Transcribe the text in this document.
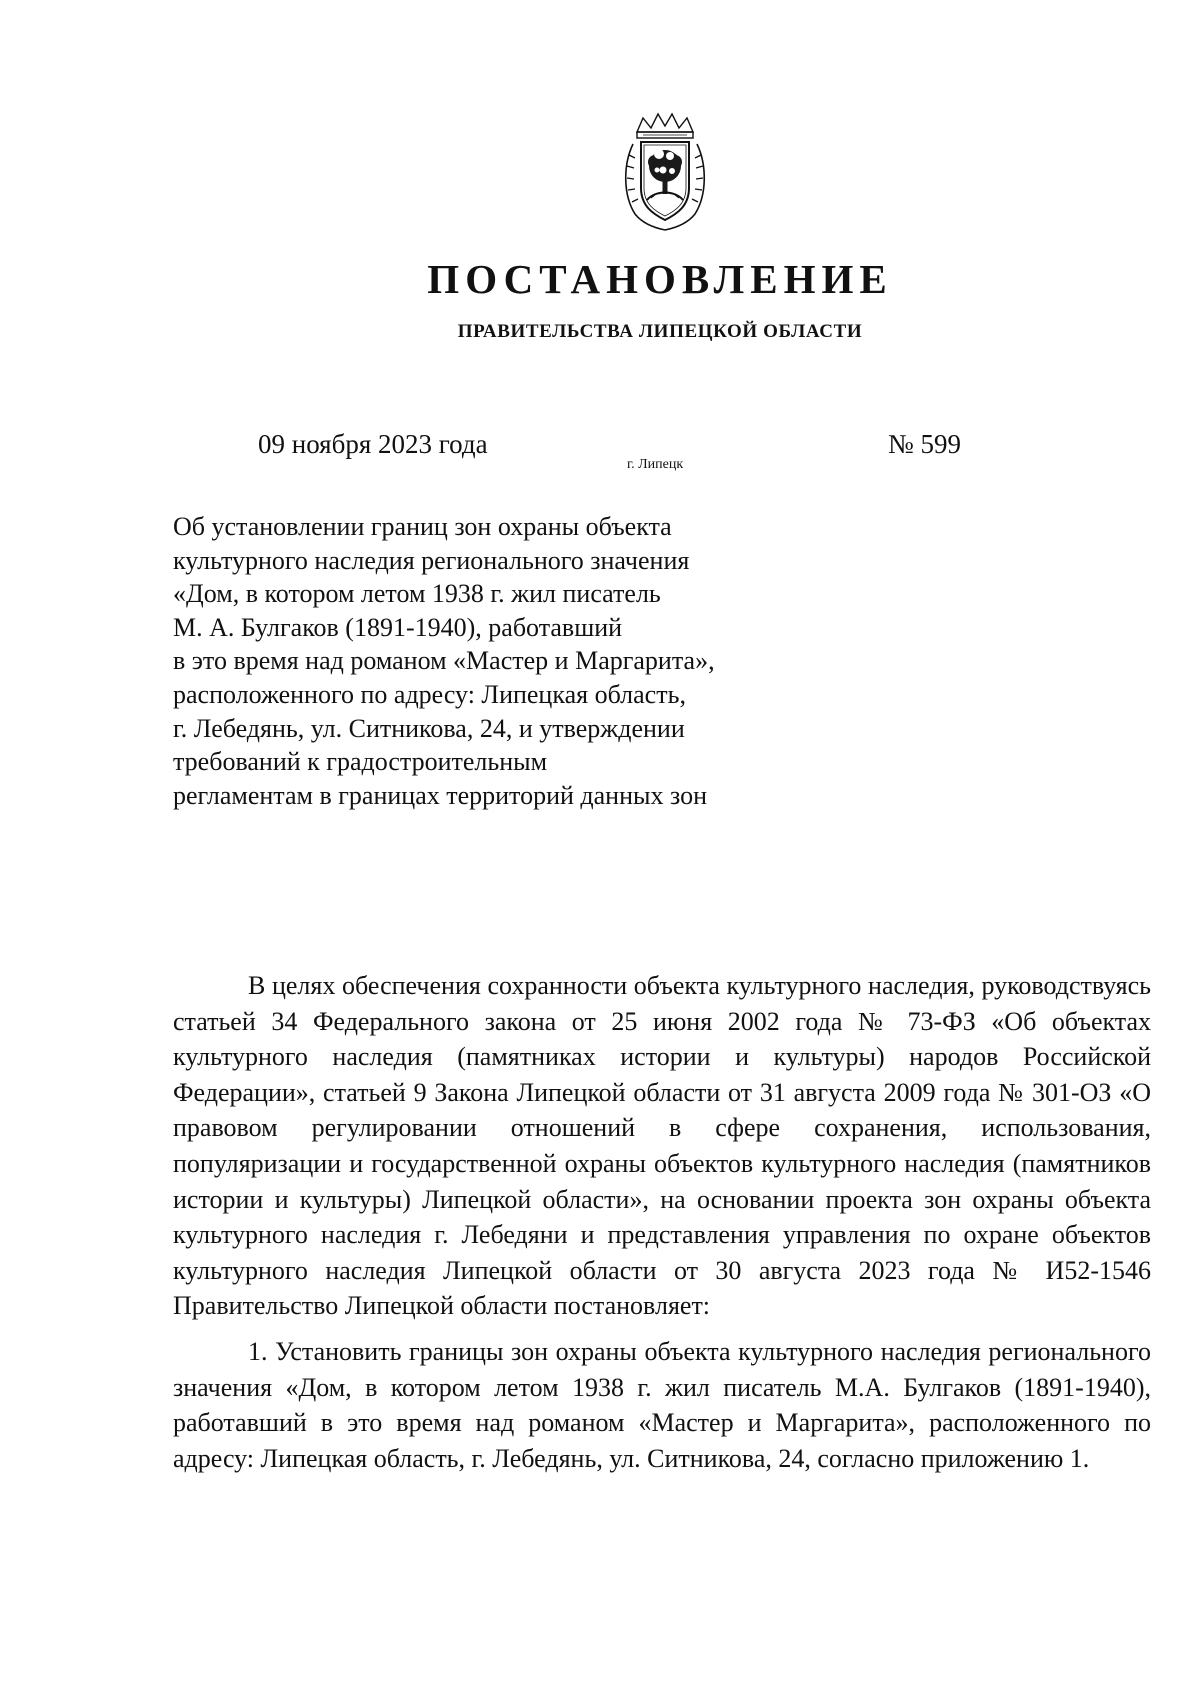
ПОСТАНОВЛЕНИЕ
ПРАВИТЕЛЬСТВА ЛИПЕЦКОЙ ОБЛАСТИ
09 ноября 2023 года
г. Липецк
№ 599
Об установлении границ зон охраны объекта
культурного наследия регионального значения
«Дом, в котором летом 1938 г. жил писатель
М. А. Булгаков (1891-1940), работавший
в это время над романом «Мастер и Маргарита»,
расположенного по адресу: Липецкая область,
г. Лебедянь, ул. Ситникова, 24, и утверждении
требований к градостроительным
регламентам в границах территорий данных зон

В целях обеспечения сохранности объекта культурного наследия, руководствуясь статьей 34 Федерального закона от 25 июня 2002 года № 73-ФЗ «Об объектах культурного наследия (памятниках истории и культуры) народов Российской Федерации», статьей 9 Закона Липецкой области от 31 августа 2009 года № 301-ОЗ «О правовом регулировании отношений в сфере сохранения, использования, популяризации и государственной охраны объектов культурного наследия (памятников истории и культуры) Липецкой области», на основании проекта зон охраны объекта культурного наследия г. Лебедяни и представления управления по охране объектов культурного наследия Липецкой области от 30 августа 2023 года № И52-1546 Правительство Липецкой области постановляет:

1. Установить границы зон охраны объекта культурного наследия регионального значения «Дом, в котором летом 1938 г. жил писатель М.А. Булгаков (1891-1940), работавший в это время над романом «Мастер и Маргарита», расположенного по адресу: Липецкая область, г. Лебедянь, ул. Ситникова, 24, согласно приложению 1.
